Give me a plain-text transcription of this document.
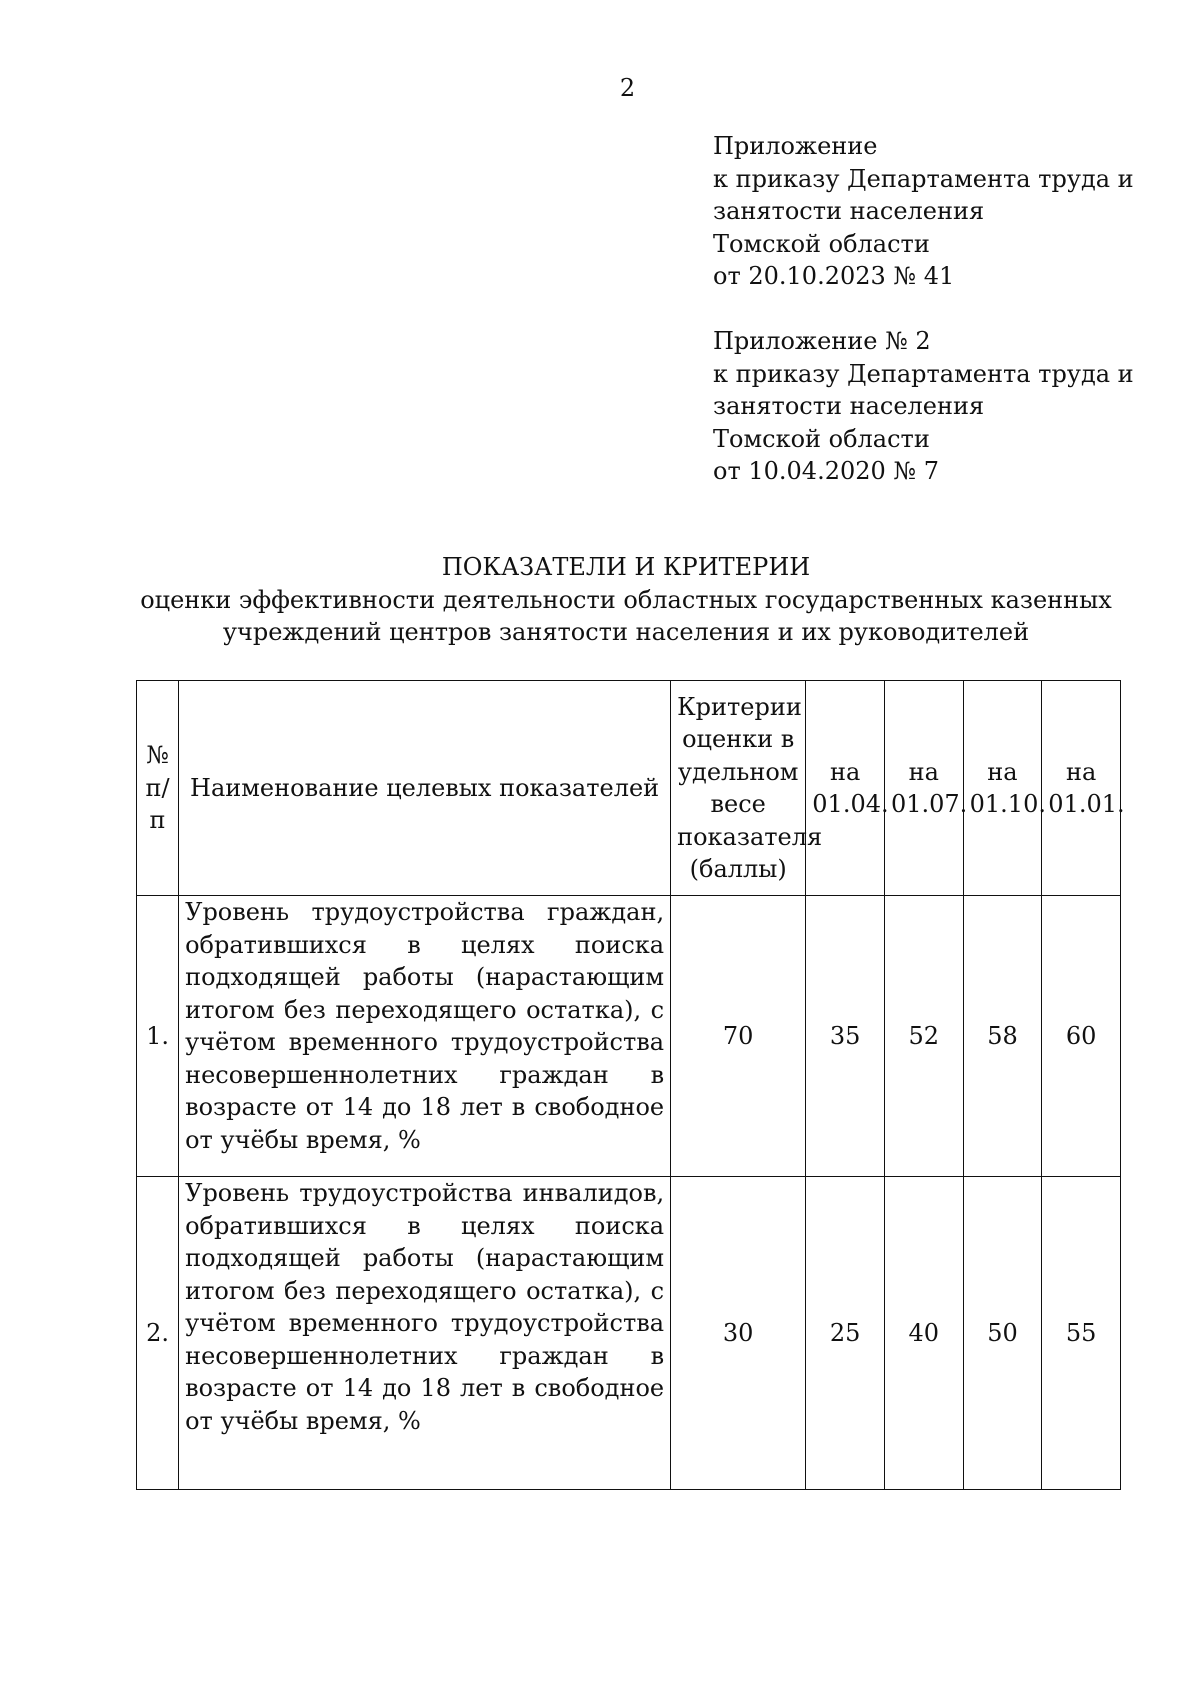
2
Приложение
к приказу Департамента труда и
занятости населения
Томской области
от 20.10.2023 № 41
Приложение № 2
к приказу Департамента труда и
занятости населения
Томской области
от 10.04.2020 № 7
ПОКАЗАТЕЛИ И КРИТЕРИИ
оценки эффективности деятельности областных государственных казенных
учреждений центров занятости населения и их руководителей
№ п/п	Наименование целевых показателей	Критерии оценки в удельном весе показателя (баллы)	на 01.04.	на 01.07.	на 01.10.	на 01.01.
1.	Уровень трудоустройства граждан, обратившихся в целях поиска подходящей работы (нарастающим итогом без переходящего остатка), с учётом временного трудоустройства несовершеннолетних граждан в возрасте от 14 до 18 лет в свободное от учёбы время, %	70	35	52	58	60
2.	Уровень трудоустройства инвалидов, обратившихся в целях поиска подходящей работы (нарастающим итогом без переходящего остатка), с учётом временного трудоустройства несовершеннолетних граждан в возрасте от 14 до 18 лет в свободное от учёбы время, %	30	25	40	50	55
